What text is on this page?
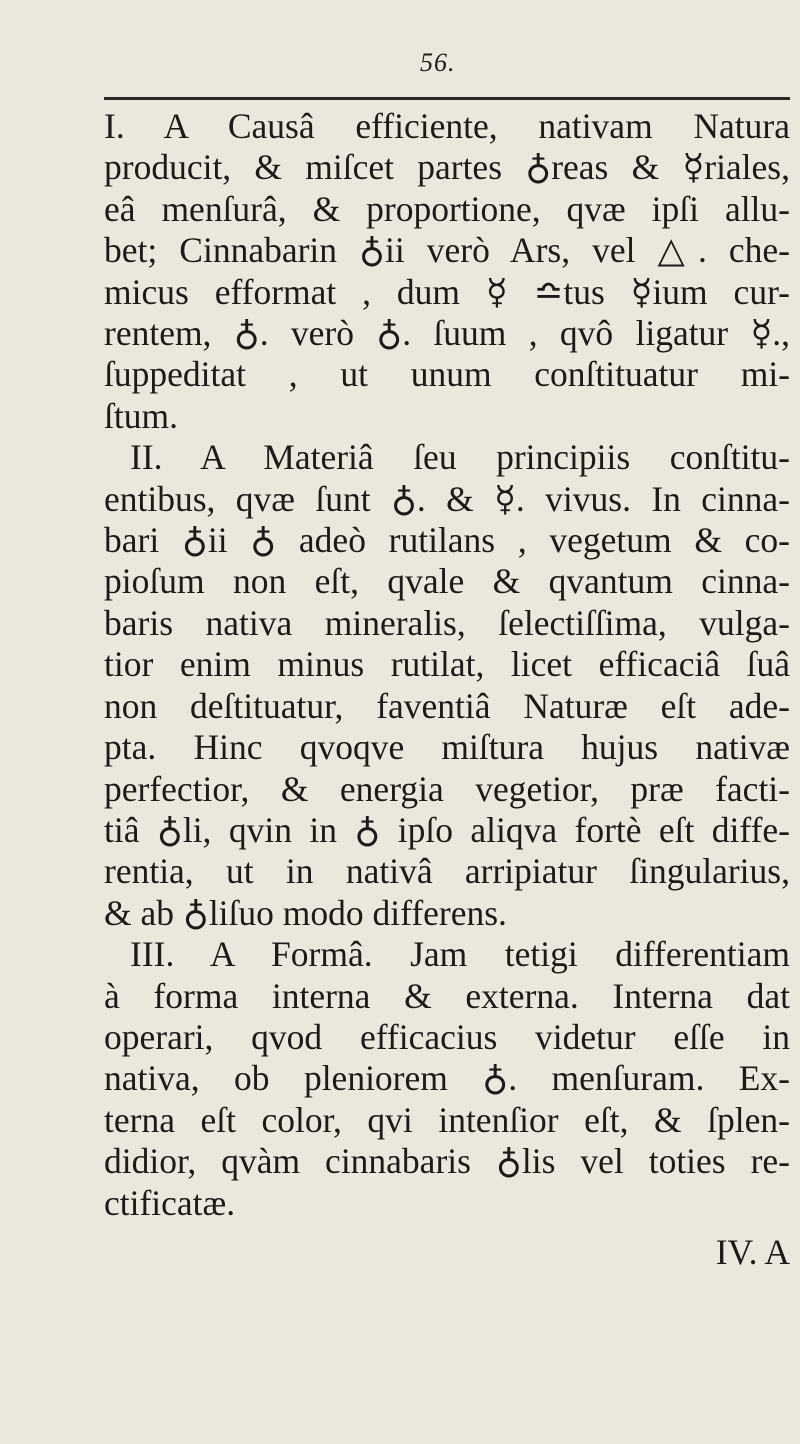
56.
I. A Causâ efficiente, nativam Natura
producit, & miſcet partes ♁reas & ☿riales,
eâ menſurâ, & proportione, qvæ ipſi allu-
bet; Cinnabarin ♁ii verò Ars, vel △. che-
micus efformat , dum ☿ ≏tus ☿ium cur-
rentem, ♁. verò ♁. ſuum , qvô ligatur ☿.,
ſuppeditat , ut unum conſtituatur mi-
ſtum.
II. A Materiâ ſeu principiis conſtitu-
entibus, qvæ ſunt ♁. & ☿. vivus. In cinna-
bari ♁ii ♁ adeò rutilans , vegetum & co-
pioſum non eſt, qvale & qvantum cinna-
baris nativa mineralis, ſelectiſſima, vulga-
tior enim minus rutilat, licet efficaciâ ſuâ
non deſtituatur, faventiâ Naturæ eſt ade-
pta. Hinc qvoqve miſtura hujus nativæ
perfectior, & energia vegetior, præ facti-
tiâ ♁li, qvin in ♁ ipſo aliqva fortè eſt diffe-
rentia, ut in nativâ arripiatur ſingularius,
& ab ♁liſuo modo differens.
III. A Formâ. Jam tetigi differentiam
à forma interna & externa. Interna dat
operari, qvod efficacius videtur eſſe in
nativa, ob pleniorem ♁. menſuram. Ex-
terna eſt color, qvi intenſior eſt, & ſplen-
didior, qvàm cinnabaris ♁lis vel toties re-
ctificatæ.
IV. A
